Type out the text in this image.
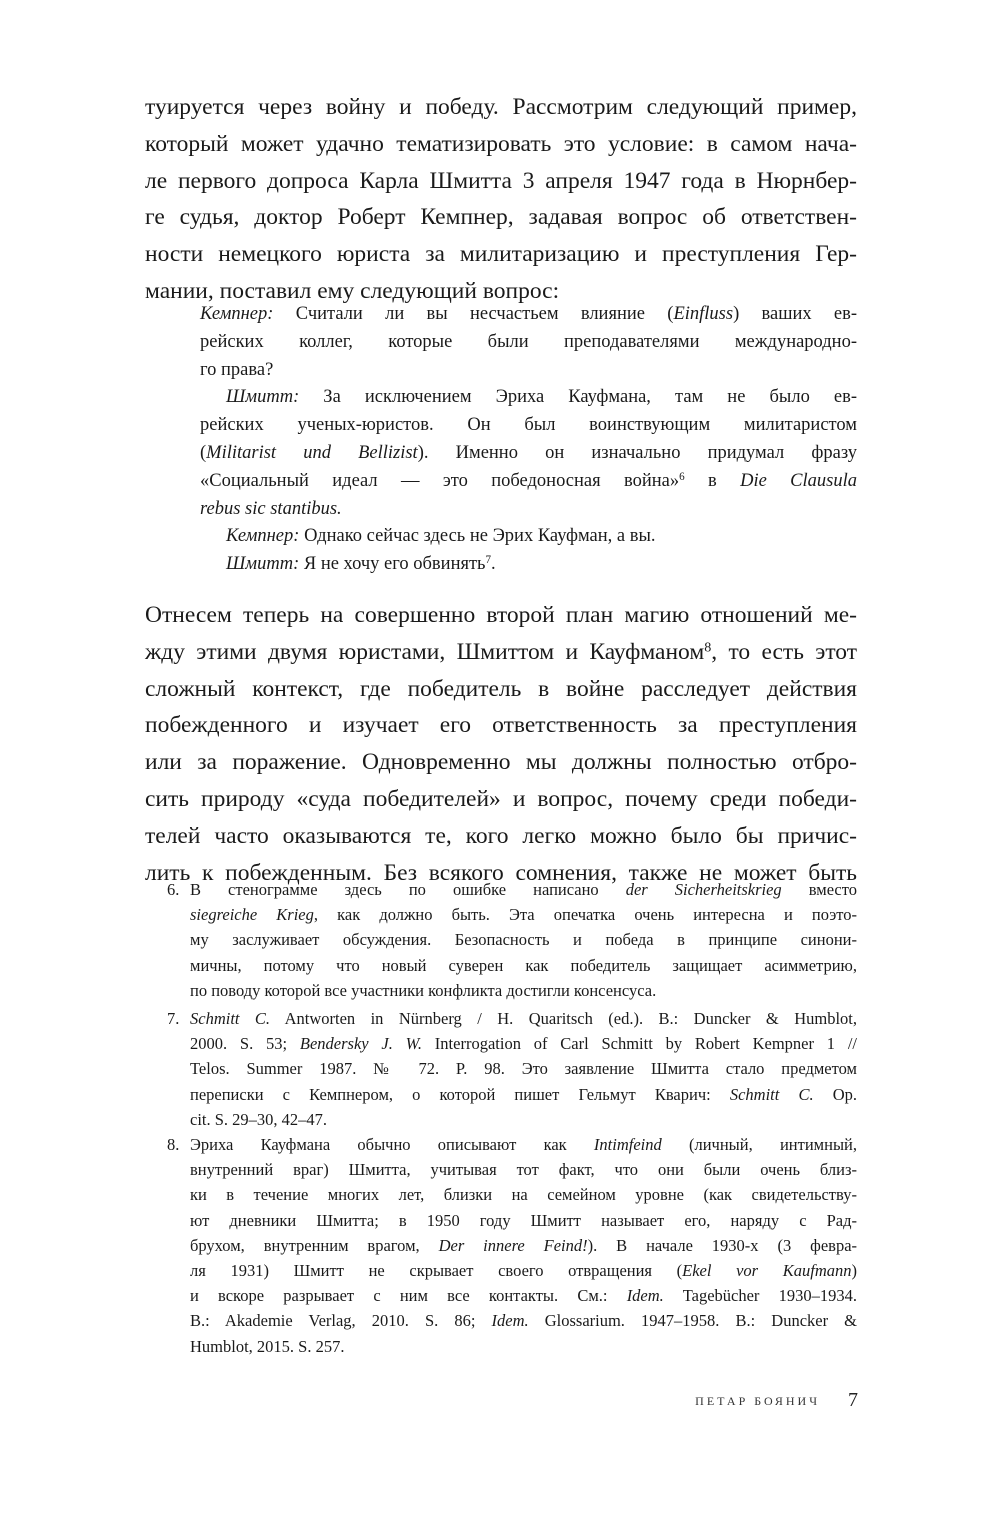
туируется через войну и победу. Рассмотрим следующий пример,
который может удачно тематизировать это условие: в самом нача-
ле первого допроса Карла Шмитта 3 апреля 1947 года в Нюрнбер-
ге судья, доктор Роберт Кемпнер, задавая вопрос об ответствен-
ности немецкого юриста за милитаризацию и преступления Гер-
мании, поставил ему следующий вопрос:
Кемпнер: Считали ли вы несчастьем влияние (Einfluss) ваших ев-
рейских коллег, которые были преподавателями международно-
го права?
Шмитт: За исключением Эриха Кауфмана, там не было ев-
рейских ученых-юристов. Он был воинствующим милитаристом
(Militarist und Bellizist). Именно он изначально придумал фразу
«Социальный идеал — это победоносная война»$^6$ в Die Clausula
rebus sic stantibus.
Кемпнер: Однако сейчас здесь не Эрих Кауфман, а вы.
Шмитт: Я не хочу его обвинять$^7$.
Отнесем теперь на совершенно второй план магию отношений ме-
жду этими двумя юристами, Шмиттом и Кауфманом$^8$, то есть этот
сложный контекст, где победитель в войне расследует действия
побежденного и изучает его ответственность за преступления
или за поражение. Одновременно мы должны полностью отбро-
сить природу «суда победителей» и вопрос, почему среди победи-
телей часто оказываются те, кого легко можно было бы причис-
лить к побежденным. Без всякого сомнения, также не может быть
6. В стенограмме здесь по ошибке написано der Sicherheitskrieg вместо
siegreiche Krieg, как должно быть. Эта опечатка очень интересна и поэто-
му заслуживает обсуждения. Безопасность и победа в принципе синони-
мичны, потому что новый суверен как победитель защищает асимметрию,
по поводу которой все участники конфликта достигли консенсуса.
7. Schmitt C. Antworten in Nürnberg / H. Quaritsch (ed.). B.: Duncker & Humblot,
2000. S. 53; Bendersky J. W. Interrogation of Carl Schmitt by Robert Kempner 1 //
Telos. Summer 1987. № 72. P. 98. Это заявление Шмитта стало предметом
переписки с Кемпнером, о которой пишет Гельмут Кварич: Schmitt C. Op.
cit. S. 29–30, 42–47.
8. Эриха Кауфмана обычно описывают как Intimfeind (личный, интимный,
внутренний враг) Шмитта, учитывая тот факт, что они были очень близ-
ки в течение многих лет, близки на семейном уровне (как свидетельству-
ют дневники Шмитта; в 1950 году Шмитт называет его, наряду с Рад-
брухом, внутренним врагом, Der innere Feind!). В начале 1930-х (3 февра-
ля 1931) Шмитт не скрывает своего отвращения (Ekel vor Kaufmann)
и вскоре разрывает с ним все контакты. См.: Idem. Tagebücher 1930–1934.
B.: Akademie Verlag, 2010. S. 86; Idem. Glossarium. 1947–1958. B.: Duncker &
Humblot, 2015. S. 257.
ПЕТАР БОЯНИЧ	7
